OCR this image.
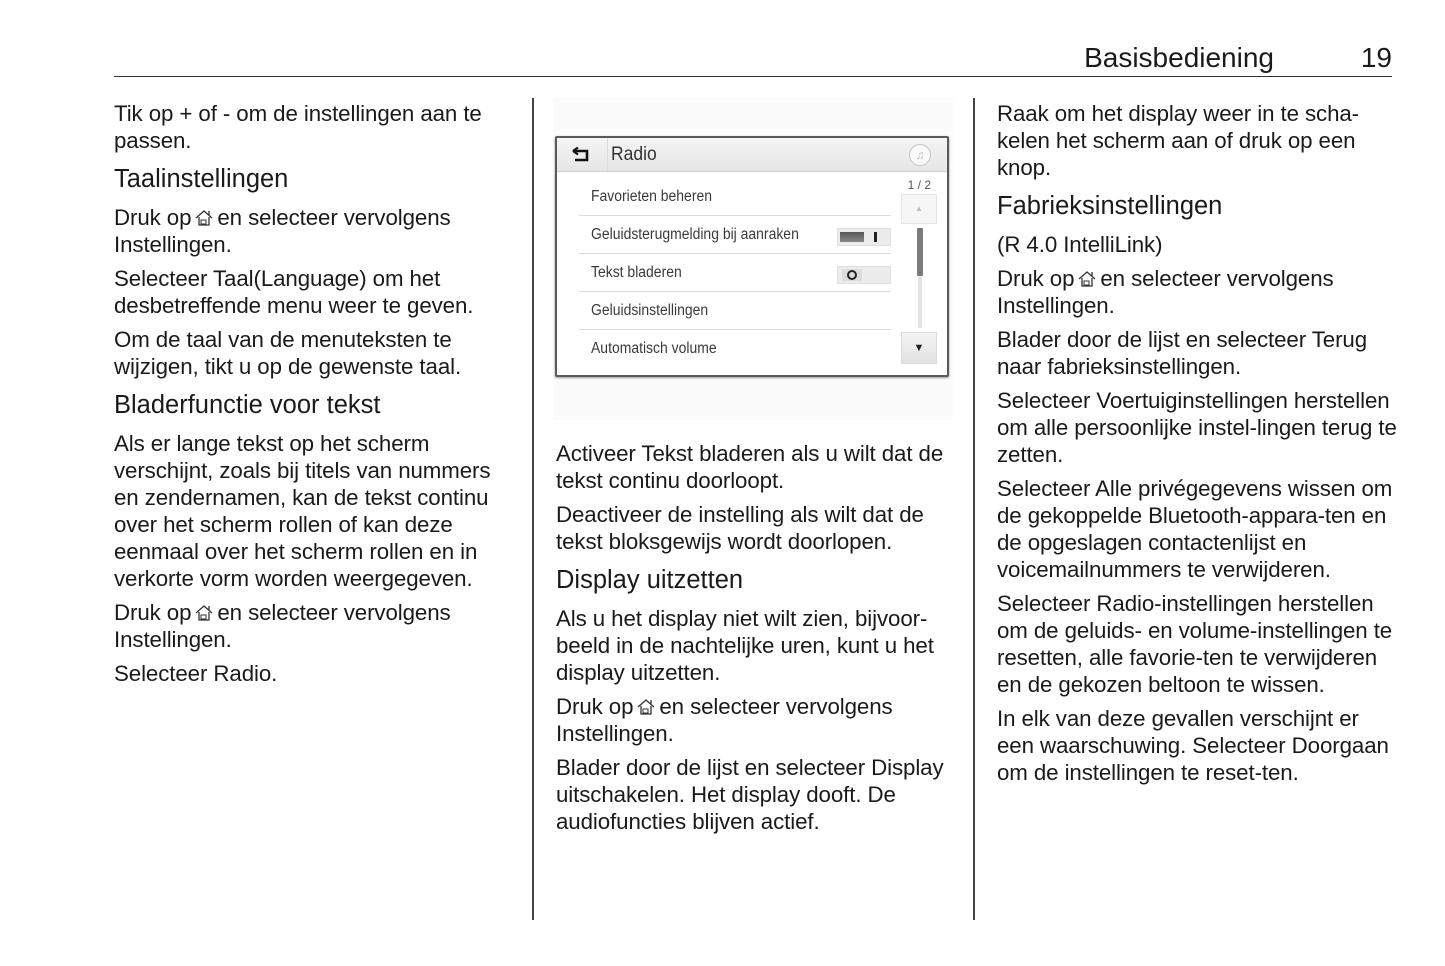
Basisbediening	19

Tik op + of - om de instellingen aan te passen.

Taalinstellingen

Druk op en selecteer vervolgens Instellingen.

Selecteer Taal(Language) om het desbetreffende menu weer te geven.

Om de taal van de menuteksten te wijzigen, tikt u op de gewenste taal.

Bladerfunctie voor tekst

Als er lange tekst op het scherm verschijnt, zoals bij titels van nummers en zendernamen, kan de tekst continu over het scherm rollen of kan deze eenmaal over het scherm rollen en in verkorte vorm worden weergegeven.

Druk op en selecteer vervolgens Instellingen.

Selecteer Radio.

Radio	♫
Favorieten beheren
Geluidsterugmelding bij aanraken
Tekst bladeren
Geluidsinstellingen
Automatisch volume
1 / 2
▲
▼

Activeer Tekst bladeren als u wilt dat de tekst continu doorloopt.

Deactiveer de instelling als wilt dat de tekst bloksgewijs wordt doorlopen.

Display uitzetten

Als u het display niet wilt zien, bijvoor-beeld in de nachtelijke uren, kunt u het display uitzetten.

Druk op en selecteer vervolgens Instellingen.

Blader door de lijst en selecteer Display uitschakelen. Het display dooft. De audiofuncties blijven actief.

Raak om het display weer in te scha-kelen het scherm aan of druk op een knop.

Fabrieksinstellingen

(R 4.0 IntelliLink)

Druk op en selecteer vervolgens Instellingen.

Blader door de lijst en selecteer Terug naar fabrieksinstellingen.

Selecteer Voertuiginstellingen herstellen om alle persoonlijke instel-lingen terug te zetten.

Selecteer Alle privégegevens wissen om de gekoppelde Bluetooth-appara-ten en de opgeslagen contactenlijst en voicemailnummers te verwijderen.

Selecteer Radio-instellingen herstellen om de geluids- en volume-instellingen te resetten, alle favorie-ten te verwijderen en de gekozen beltoon te wissen.

In elk van deze gevallen verschijnt er een waarschuwing. Selecteer Doorgaan om de instellingen te reset-ten.
